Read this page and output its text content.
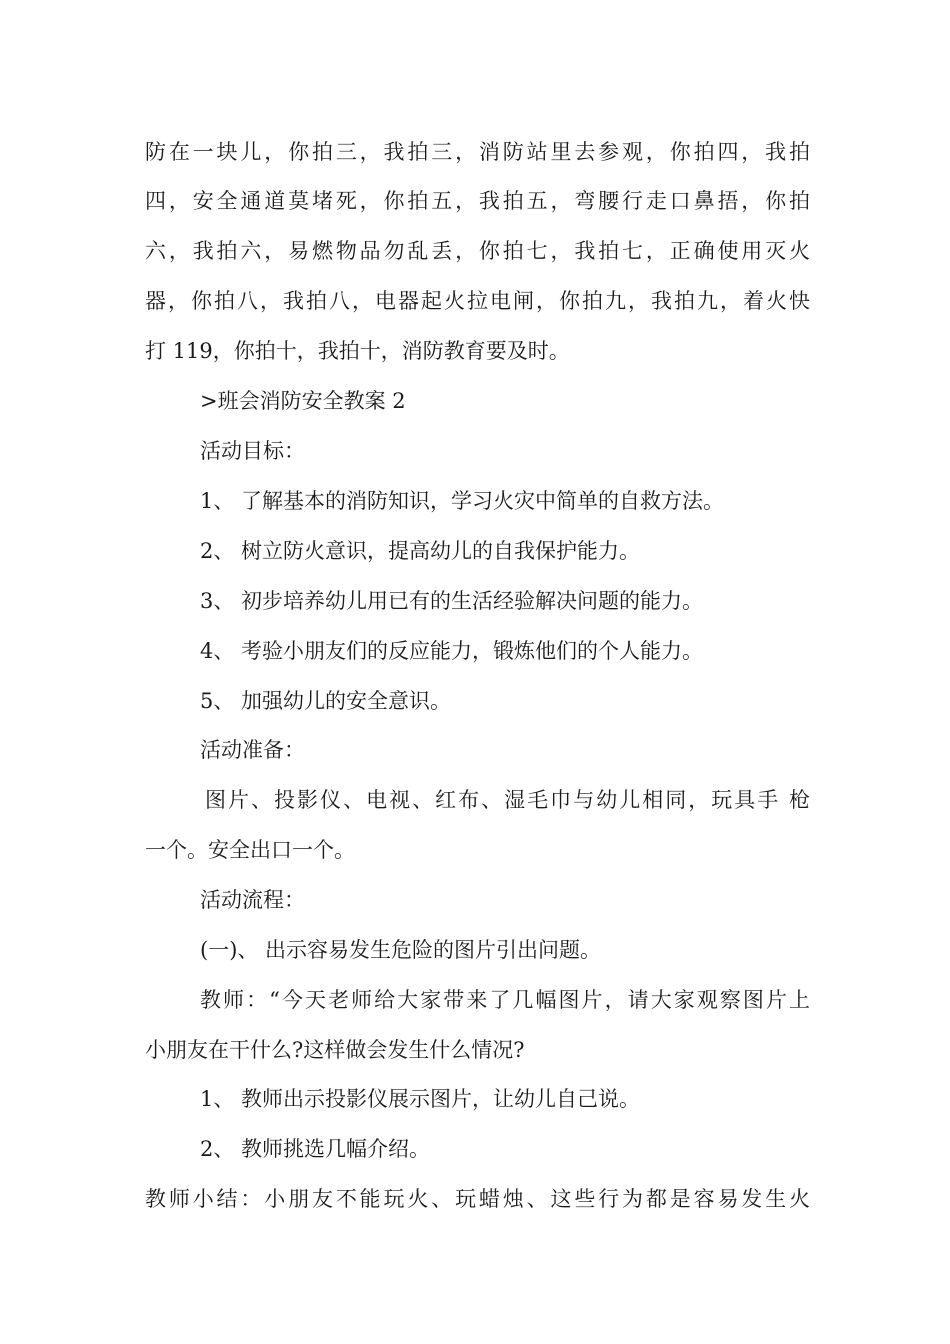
防在一块儿，你拍三，我拍三，消防站里去参观，你拍四，我拍
四，安全通道莫堵死，你拍五，我拍五，弯腰行走口鼻捂，你拍
六，我拍六，易燃物品勿乱丢，你拍七，我拍七，正确使用灭火
器，你拍八，我拍八，电器起火拉电闸，你拍九，我拍九，着火快
打 119，你拍十，我拍十，消防教育要及时。
>班会消防安全教案 2
活动目标：
1、 了解基本的消防知识，学习火灾中简单的自救方法。
2、 树立防火意识，提高幼儿的自我保护能力。
3、 初步培养幼儿用已有的生活经验解决问题的能力。
4、 考验小朋友们的反应能力，锻炼他们的个人能力。
5、 加强幼儿的安全意识。
活动准备：
图片、投影仪、电视、红布、湿毛巾与幼儿相同，玩具手 枪
一个。安全出口一个。
活动流程：
(一)、 出示容易发生危险的图片引出问题。
教师：“今天老师给大家带来了几幅图片，请大家观察图片上
小朋友在干什么?这样做会发生什么情况?
1、 教师出示投影仪展示图片，让幼儿自己说。
2、 教师挑选几幅介绍。
教师小结：小朋友不能玩火、玩蜡烛、这些行为都是容易发生火
